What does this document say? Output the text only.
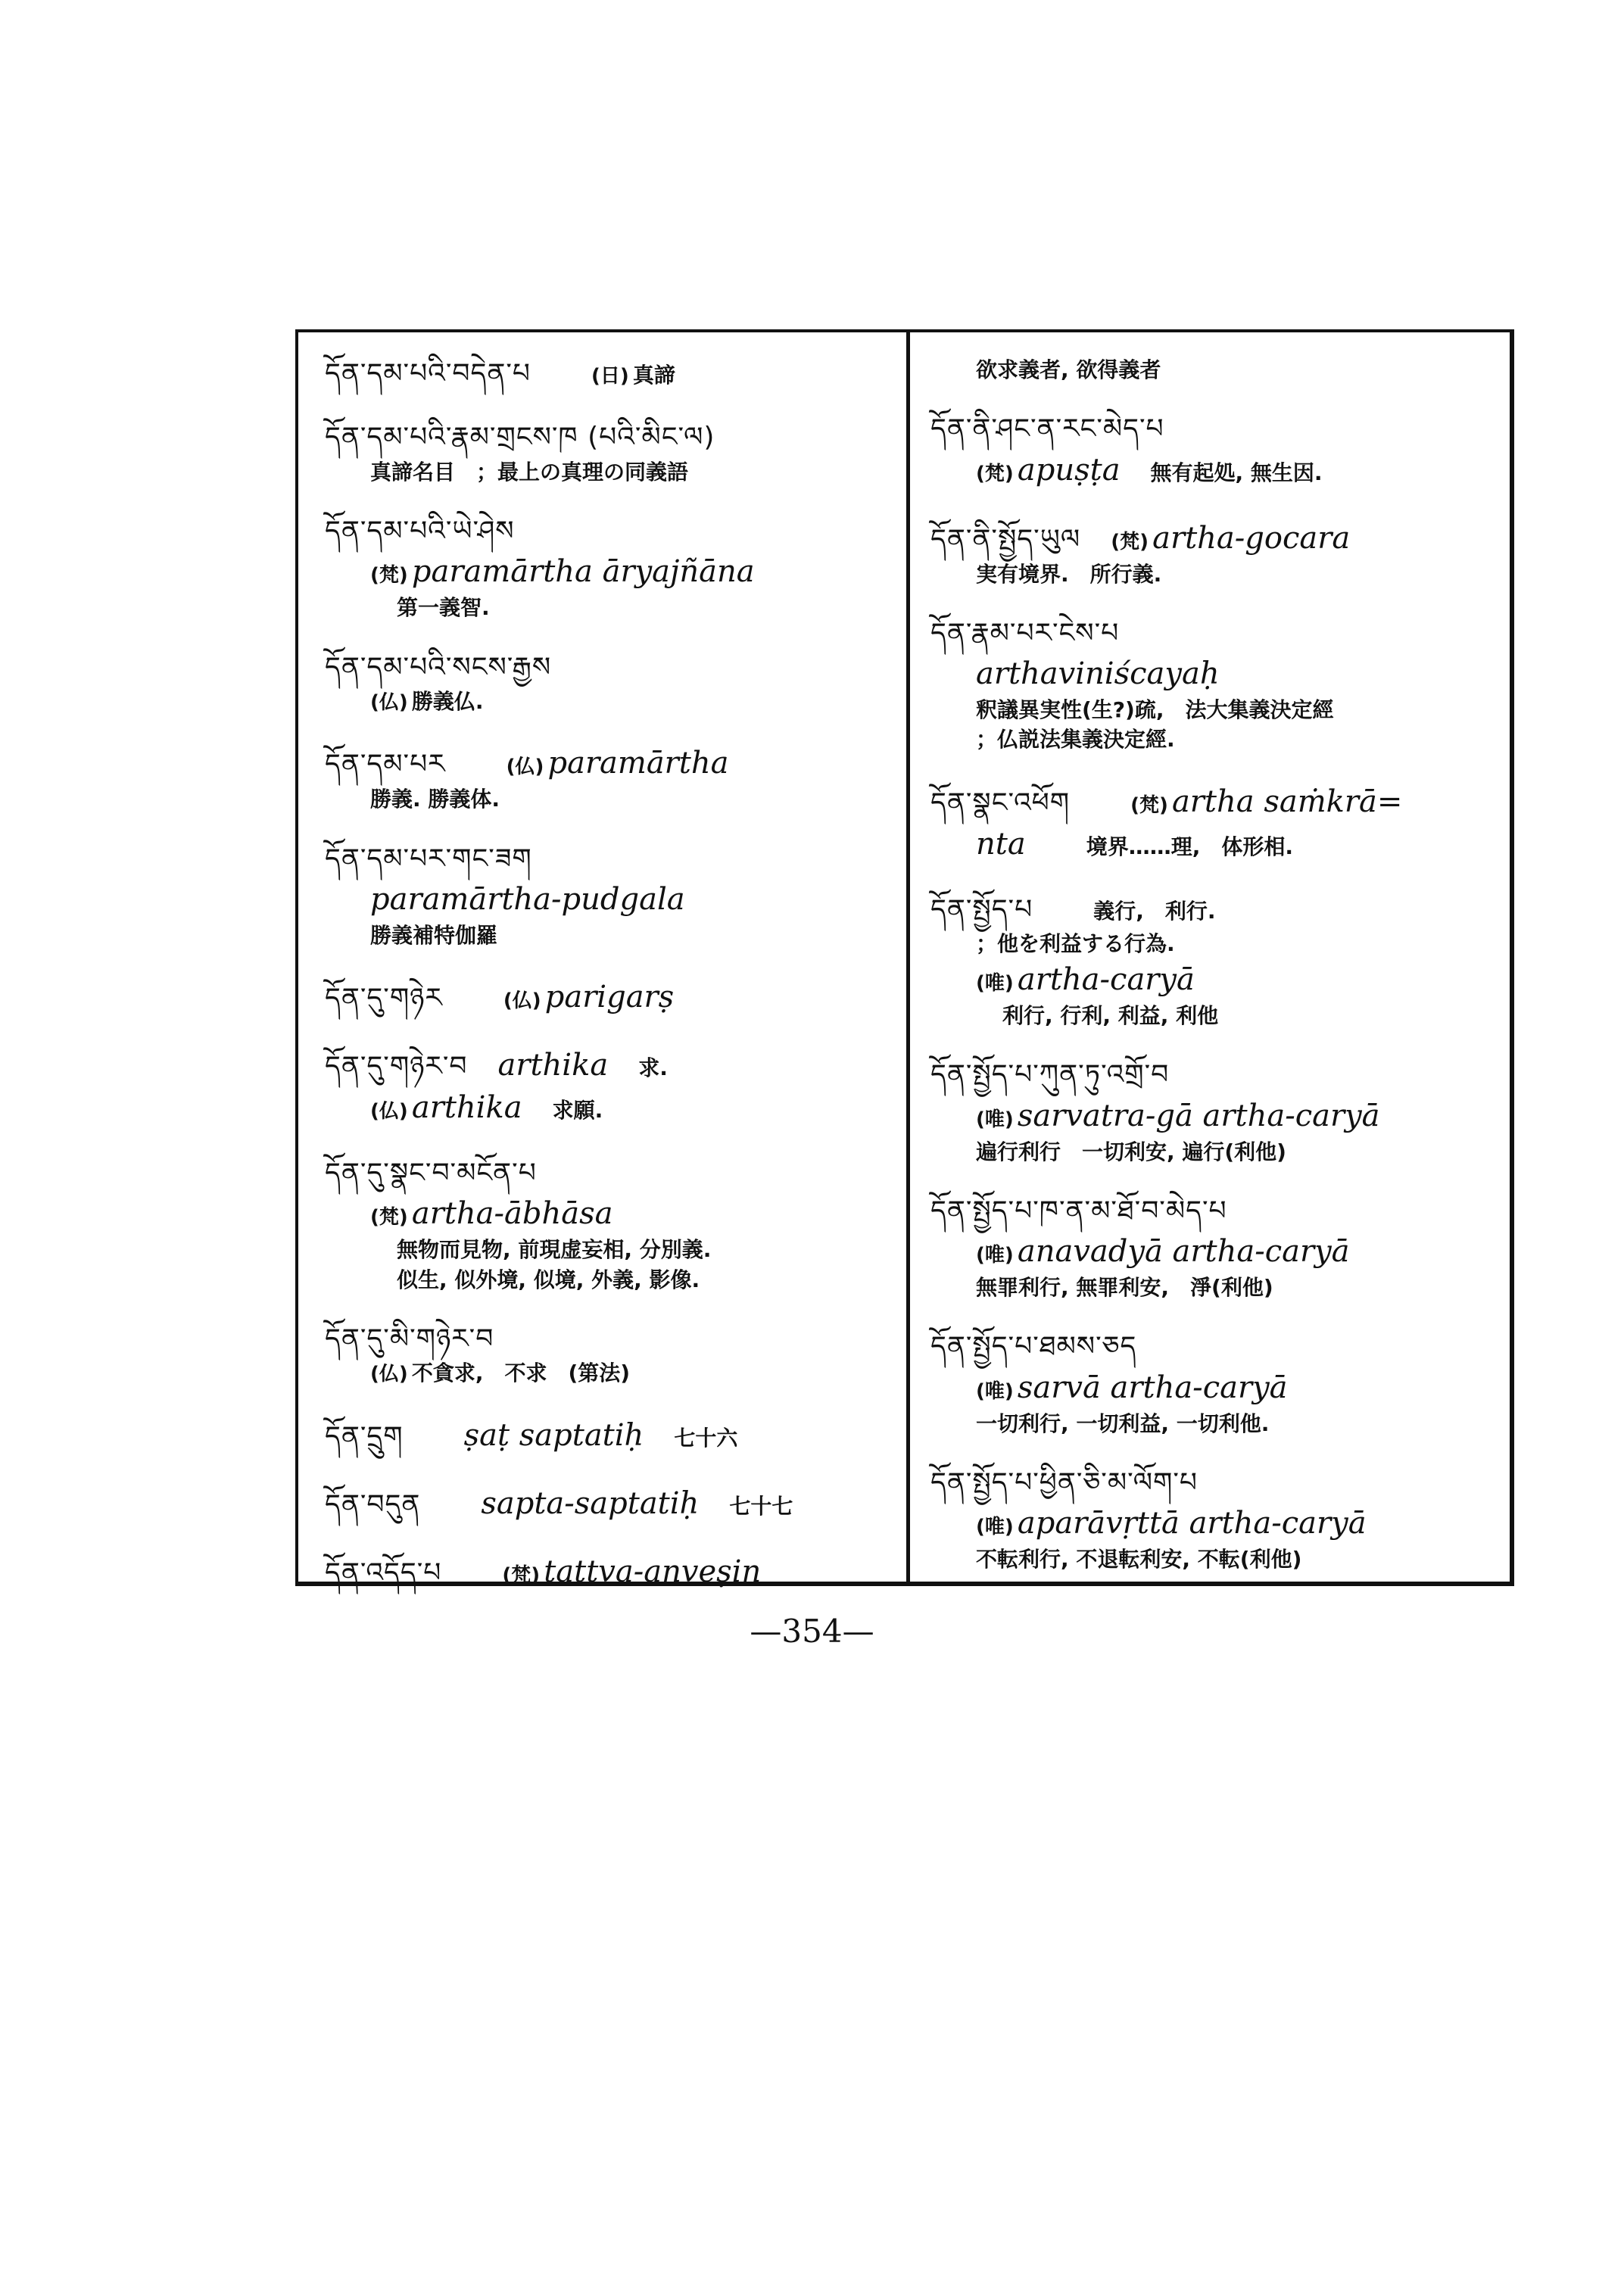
དོན་དམ་པའི་བདེན་པ	(日) 真諦
དོན་དམ་པའི་རྣམ་གྲངས་ཁ (པའི་མིང་ལ)
真諦名目　；最上の真理の同義語
དོན་དམ་པའི་ཡེ་ཤེས
(梵) paramārtha āryajñāna
第一義智.
དོན་དམ་པའི་སངས་རྒྱས
(仏) 勝義仏.
དོན་དམ་པར	(仏) paramārtha
勝義. 勝義体.
དོན་དམ་པར་གང་ཟག
paramārtha-pudgala
勝義補特伽羅
དོན་དུ་གཉེར	(仏) parigarṣ
དོན་དུ་གཉེར་བ arthika 求.
(仏) arthika 求願.
དོན་དུ་སྣང་བ་མངོན་པ
(梵) artha-ābhāsa
無物而見物, 前現虚妄相, 分別義.
似生, 似外境, 似境, 外義, 影像.
དོན་དུ་མི་གཉེར་བ
(仏) 不貪求,　不求　(第法)
དོན་དྲུག ṣaṭ saptatiḥ 七十六
དོན་བདུན sapta-saptatiḥ 七十七
དོན་འདོད་པ	(梵) tattva-anveṣin
欲求義者, 欲得義者
དོན་ནི་ཤང་ན་རང་མེད་པ
(梵) apuṣṭa 無有起処, 無生因.
དོན་ནི་སྤྱོད་ཡུལ (梵) artha-gocara
実有境界.　所行義.
དོན་རྣམ་པར་ངེས་པ
arthaviniścayaḥ
釈議異実性(生?)疏,　法大集義決定經
；仏説法集義決定經.
དོན་སྣང་འཕོག	(梵) artha saṁkrā=
nta	境界……理,　体形相.
དོན་སྤྱོད་པ	義行,　利行.
；他を利益する行為.
(唯) artha-caryā
利行, 行利, 利益, 利他
དོན་སྤྱོད་པ་ཀུན་ཏུ་འགྲོ་བ
(唯) sarvatra-gā artha-caryā
遍行利行　一切利安, 遍行(利他)
དོན་སྤྱོད་པ་ཁ་ན་མ་ཐོ་བ་མེད་པ
(唯) anavadyā artha-caryā
無罪利行, 無罪利安,　淨(利他)
དོན་སྤྱོད་པ་ཐམས་ཅད
(唯) sarvā artha-caryā
一切利行, 一切利益, 一切利他.
དོན་སྤྱོད་པ་ཕྱིན་ཅི་མ་ལོག་པ
(唯) aparāvṛttā artha-caryā
不転利行, 不退転利安, 不転(利他)
—354—
